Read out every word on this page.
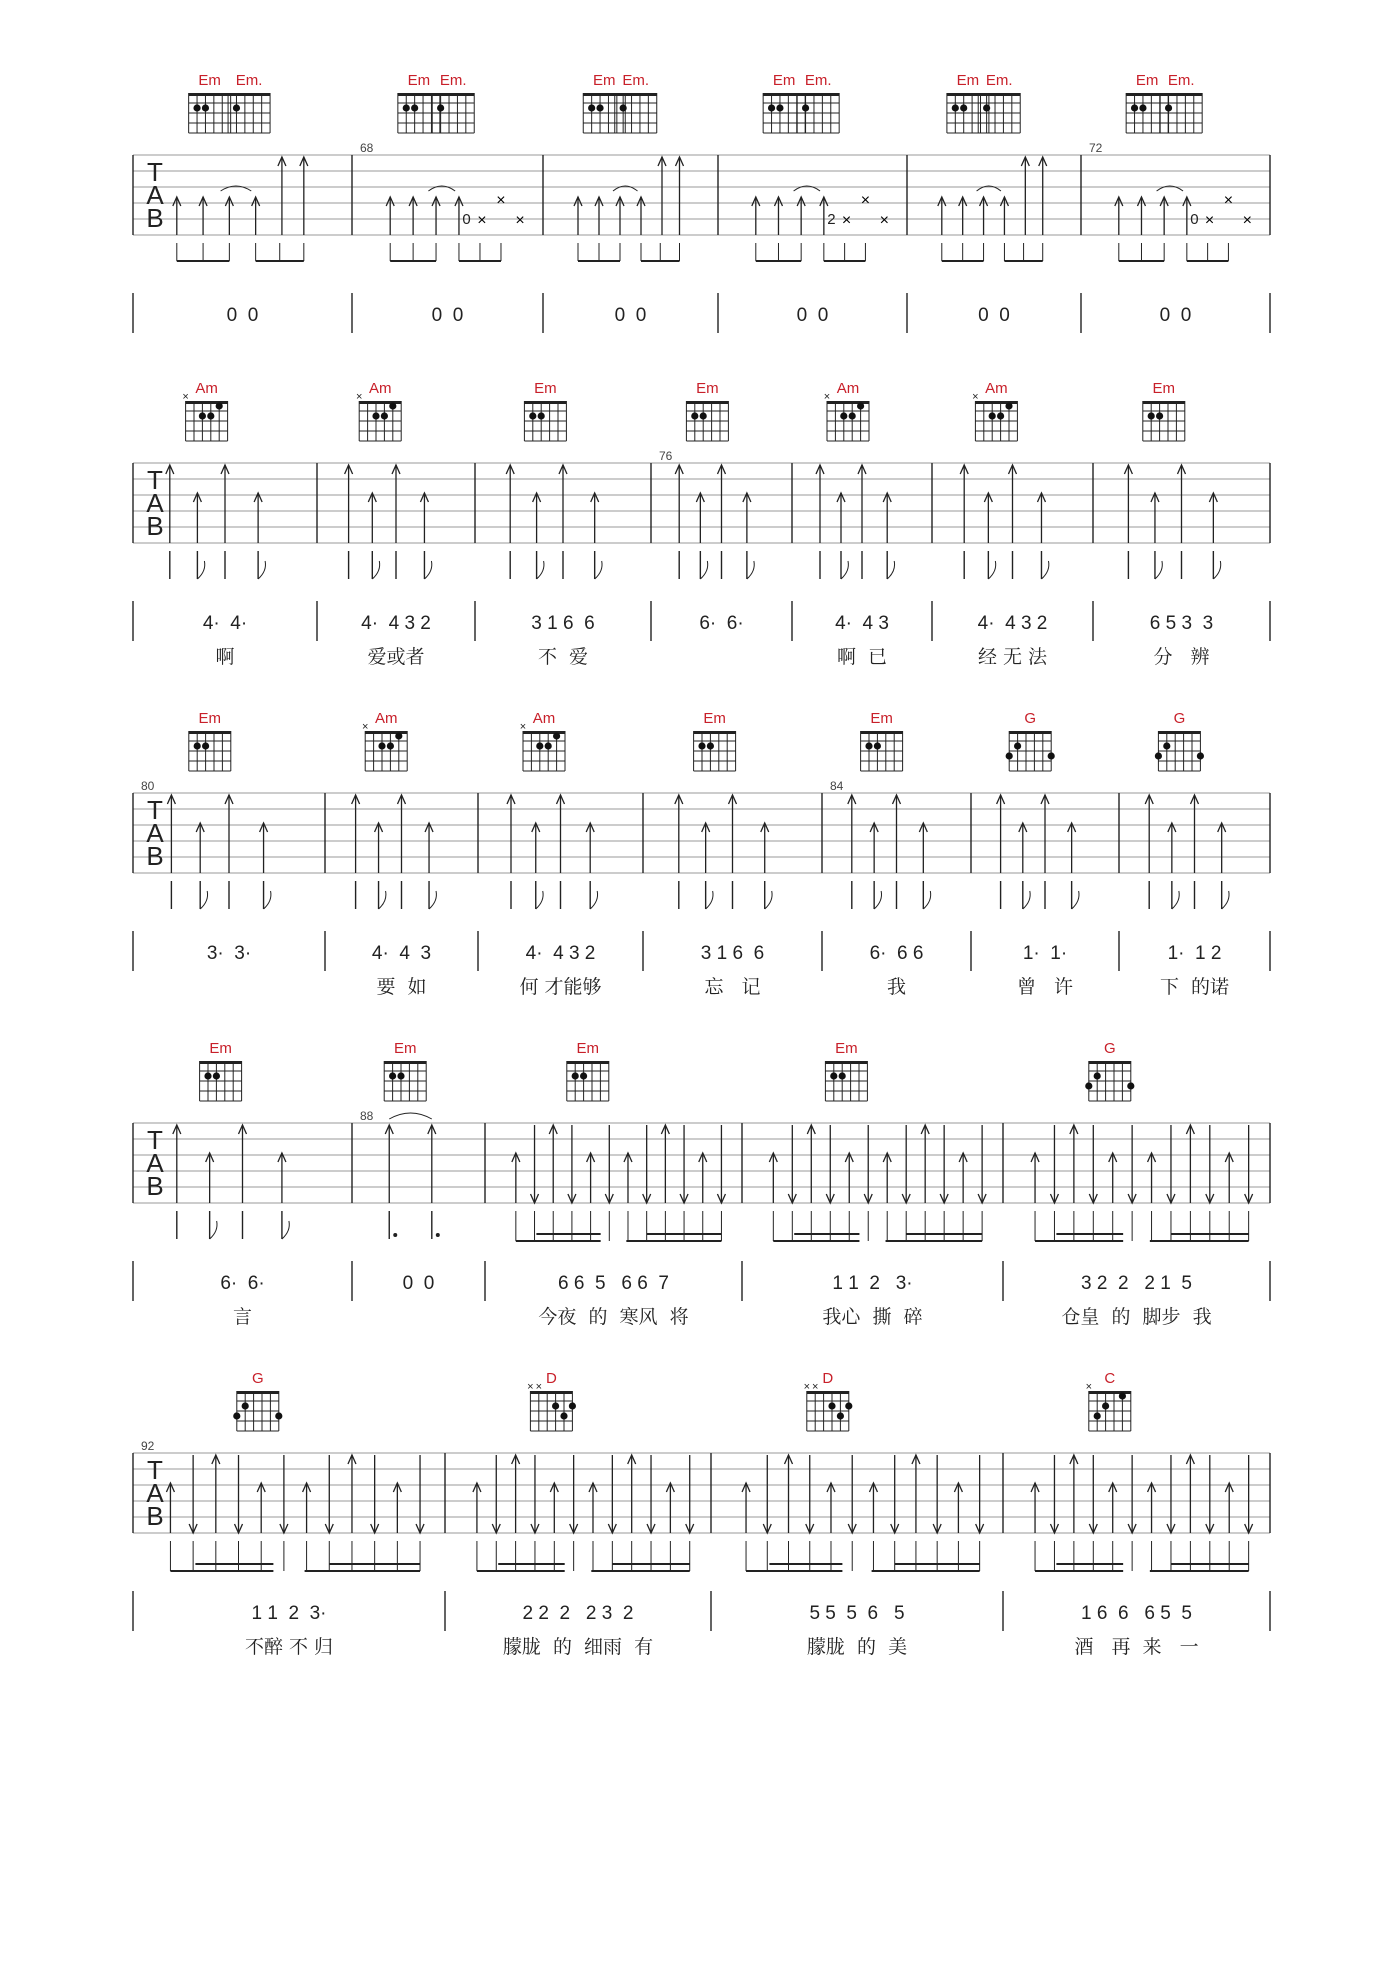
T
A
B
Em Em.
0  0
Em Em.
68
0 ×
×
×
0  0
Em Em.
0  0
Em Em.
2 ×
×
×
0  0
Em Em.
0  0
Em Em.
72
0 ×
×
×
0  0
T
A
B
Am
×
4·  4·
啊
Am
×
4·  4 3 2
爱或者
Em
3 1 6  6
不  爱
Em
76
6·  6·
Am
×
4·  4 3
啊  已
Am
×
4·  4 3 2
经 无 法
Em
6 5 3  3
分   辨
T
A
B
Em
80
3·  3·
Am
×
4·  4  3
要  如
Am
×
4·  4 3 2
何 才能够
Em
3 1 6  6
忘   记
Em
84
6·  6 6
我
G
1·  1·
曾   许
G
1·  1 2
下  的诺
T
A
B
Em
6·  6·
言
Em
88
0  0
Em
6 6  5   6 6  7
今夜  的  寒风  将
Em
1 1  2   3·
我心  撕  碎
G
3 2  2   2 1  5
仓皇  的  脚步  我
T
A
B
G
92
1 1  2  3·
不醉 不 归
D
× ×
2 2  2   2 3  2
朦胧  的  细雨  有
D
× ×
5 5  5  6   5
朦胧  的  美
C
×
1 6  6   6 5  5
酒   再  来   一
